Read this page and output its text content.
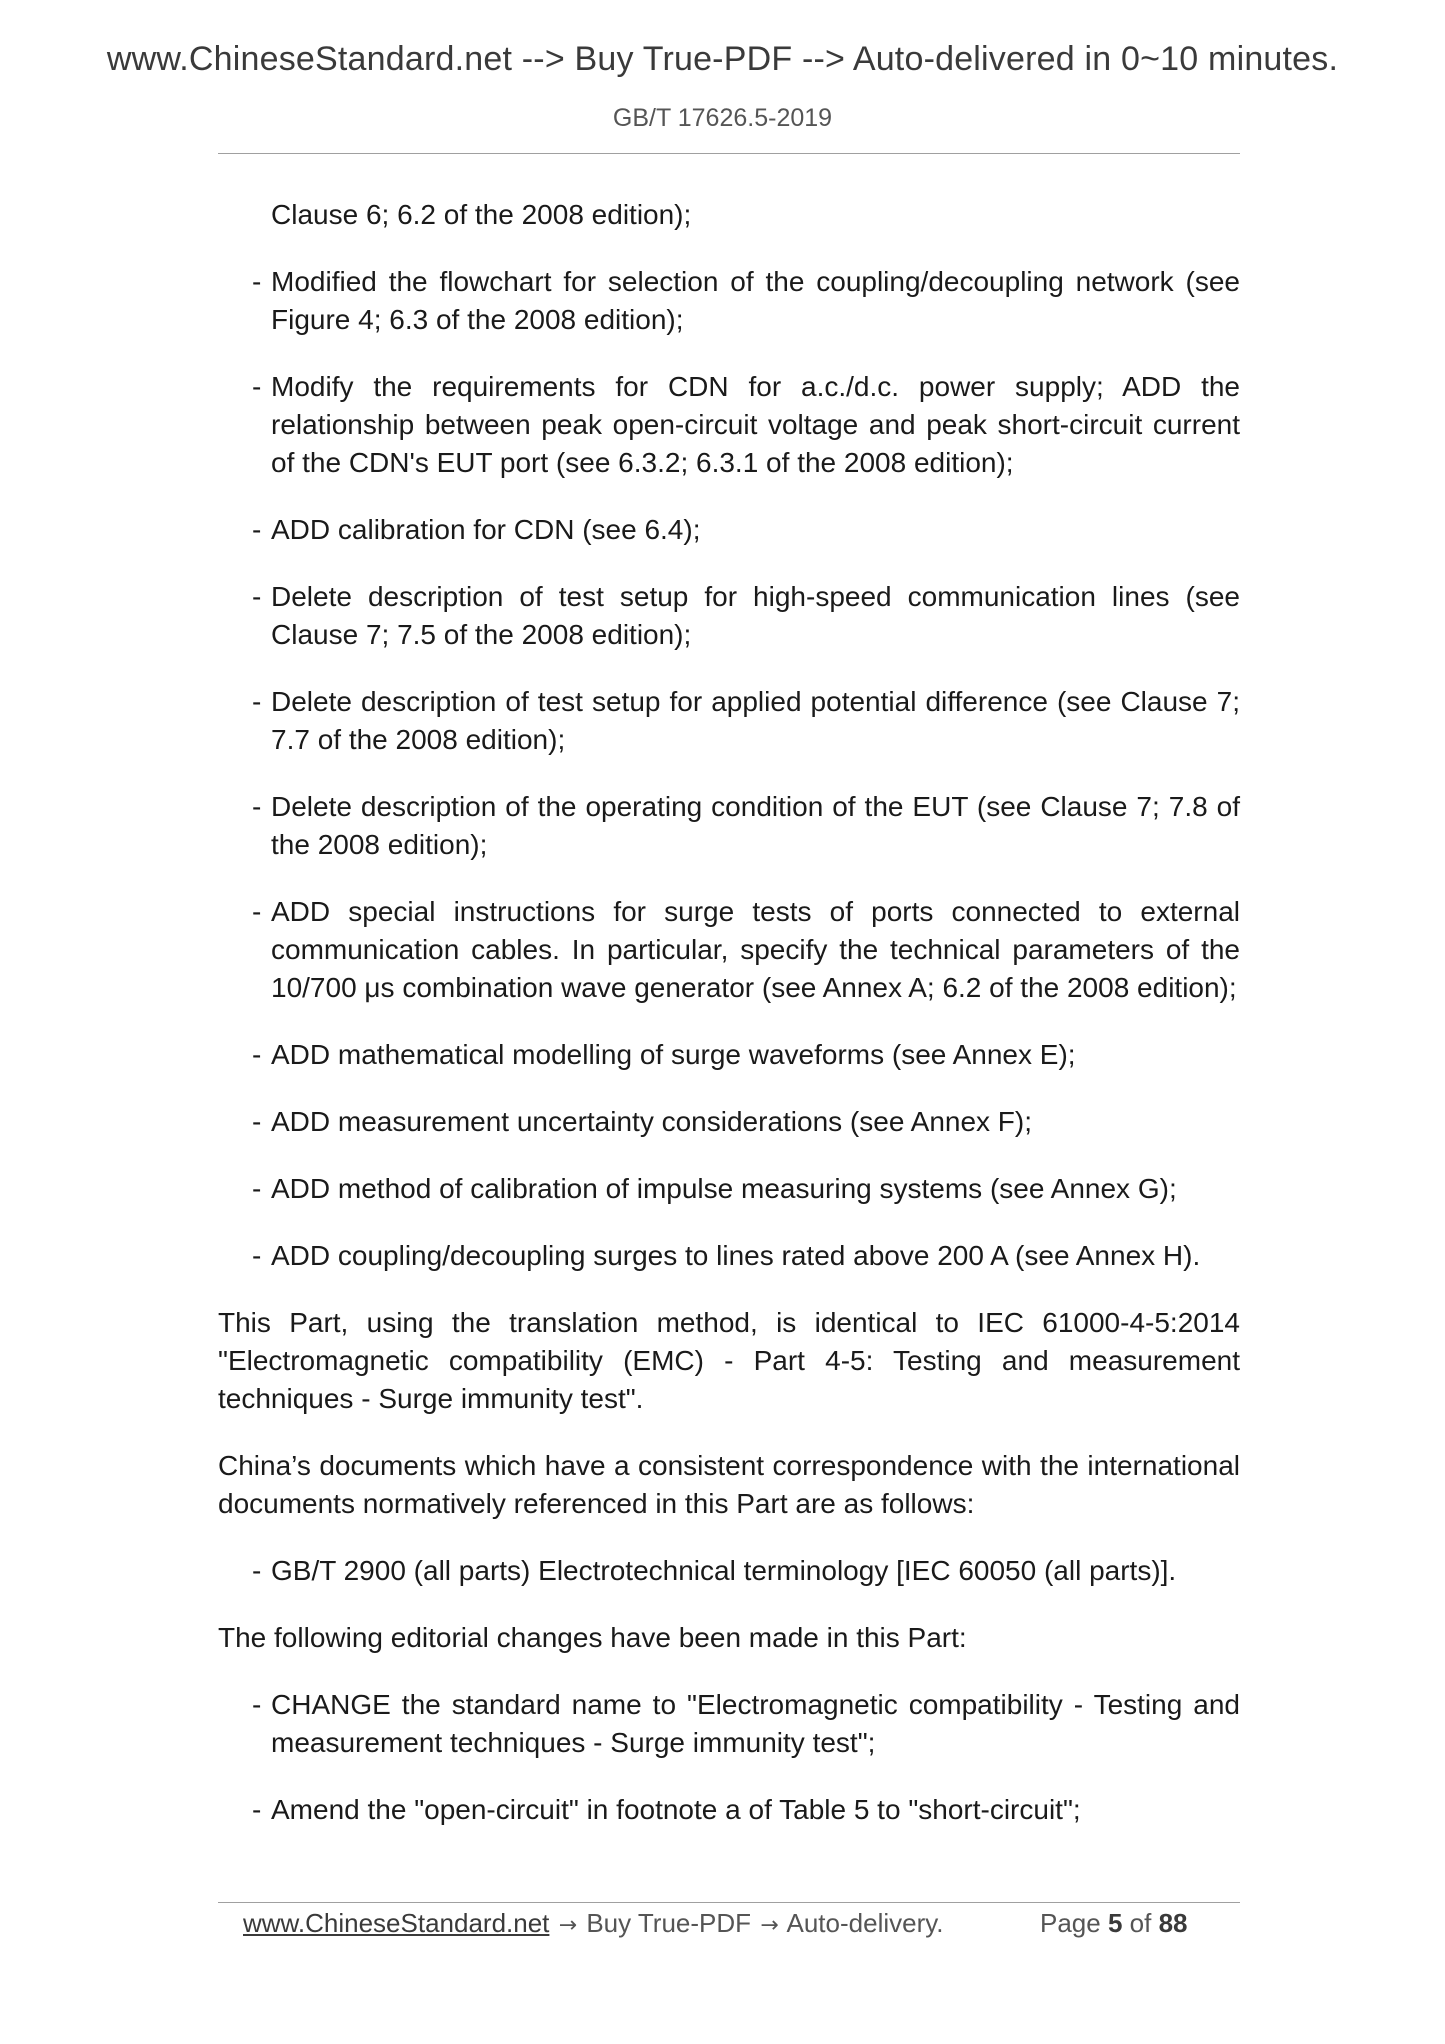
www.ChineseStandard.net --> Buy True-PDF --> Auto-delivered in 0~10 minutes.
GB/T 17626.5-2019
Clause 6; 6.2 of the 2008 edition);
- Modified the flowchart for selection of the coupling/decoupling network (see Figure 4; 6.3 of the 2008 edition);
- Modify the requirements for CDN for a.c./d.c. power supply; ADD the relationship between peak open-circuit voltage and peak short-circuit current of the CDN's EUT port (see 6.3.2; 6.3.1 of the 2008 edition);
- ADD calibration for CDN (see 6.4);
- Delete description of test setup for high-speed communication lines (see Clause 7; 7.5 of the 2008 edition);
- Delete description of test setup for applied potential difference (see Clause 7; 7.7 of the 2008 edition);
- Delete description of the operating condition of the EUT (see Clause 7; 7.8 of the 2008 edition);
- ADD special instructions for surge tests of ports connected to external communication cables. In particular, specify the technical parameters of the 10/700 μs combination wave generator (see Annex A; 6.2 of the 2008 edition);
- ADD mathematical modelling of surge waveforms (see Annex E);
- ADD measurement uncertainty considerations (see Annex F);
- ADD method of calibration of impulse measuring systems (see Annex G);
- ADD coupling/decoupling surges to lines rated above 200 A (see Annex H).
This Part, using the translation method, is identical to IEC 61000-4-5:2014 "Electromagnetic compatibility (EMC) - Part 4-5: Testing and measurement techniques - Surge immunity test".
China’s documents which have a consistent correspondence with the international documents normatively referenced in this Part are as follows:
- GB/T 2900 (all parts) Electrotechnical terminology [IEC 60050 (all parts)].
The following editorial changes have been made in this Part:
- CHANGE the standard name to "Electromagnetic compatibility - Testing and measurement techniques - Surge immunity test";
- Amend the "open-circuit" in footnote a of Table 5 to "short-circuit";
www.ChineseStandard.net → Buy True-PDF → Auto-delivery.	Page 5 of 88
